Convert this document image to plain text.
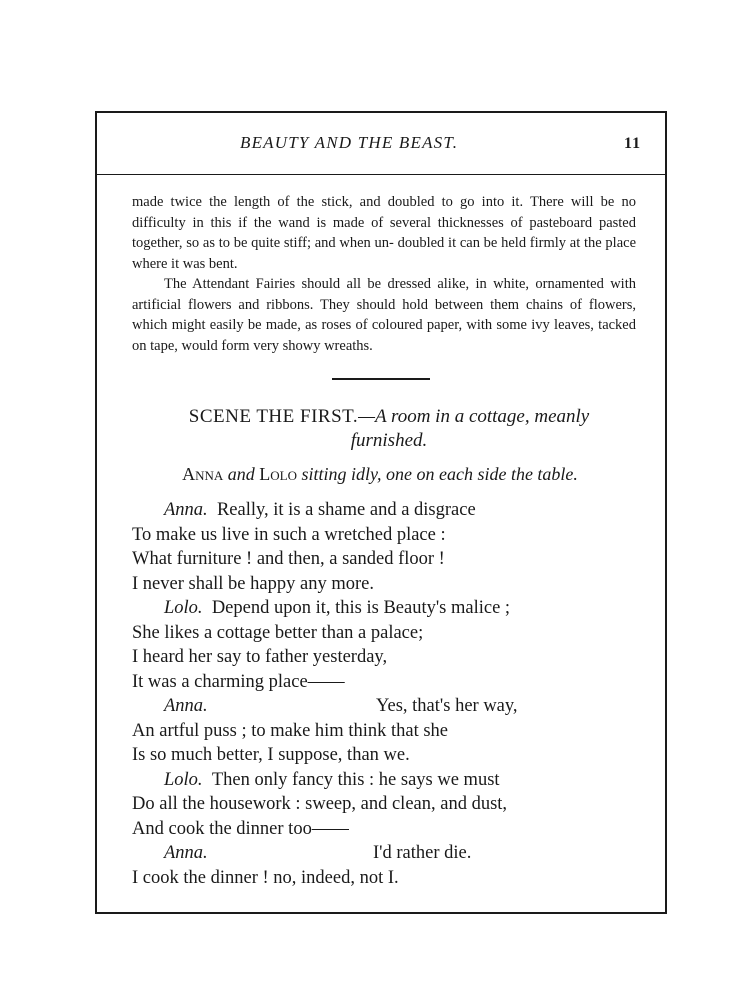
BEAUTY AND THE BEAST.	11

made twice the length of the stick, and doubled to go into it. There will be no difficulty in this if the wand is made of several thicknesses of pasteboard pasted together, so as to be quite stiff; and when un- doubled it can be held firmly at the place where it was bent.

The Attendant Fairies should all be dressed alike, in white, ornamented with artificial flowers and ribbons. They should hold between them chains of flowers, which might easily be made, as roses of coloured paper, with some ivy leaves, tacked on tape, would form very showy wreaths.

SCENE THE FIRST.—A room in a cottage, meanly
furnished.
Anna and Lolo sitting idly, one on each side the table.
Anna. Really, it is a shame and a disgrace
To make us live in such a wretched place :
What furniture ! and then, a sanded floor !
I never shall be happy any more.
Lolo. Depend upon it, this is Beauty's malice ;
She likes a cottage better than a palace;
I heard her say to father yesterday,
It was a charming place——
Anna.	Yes, that's her way,
An artful puss ; to make him think that she
Is so much better, I suppose, than we.
Lolo. Then only fancy this : he says we must
Do all the housework : sweep, and clean, and dust,
And cook the dinner too——
Anna.	I'd rather die.
I cook the dinner ! no, indeed, not I.
